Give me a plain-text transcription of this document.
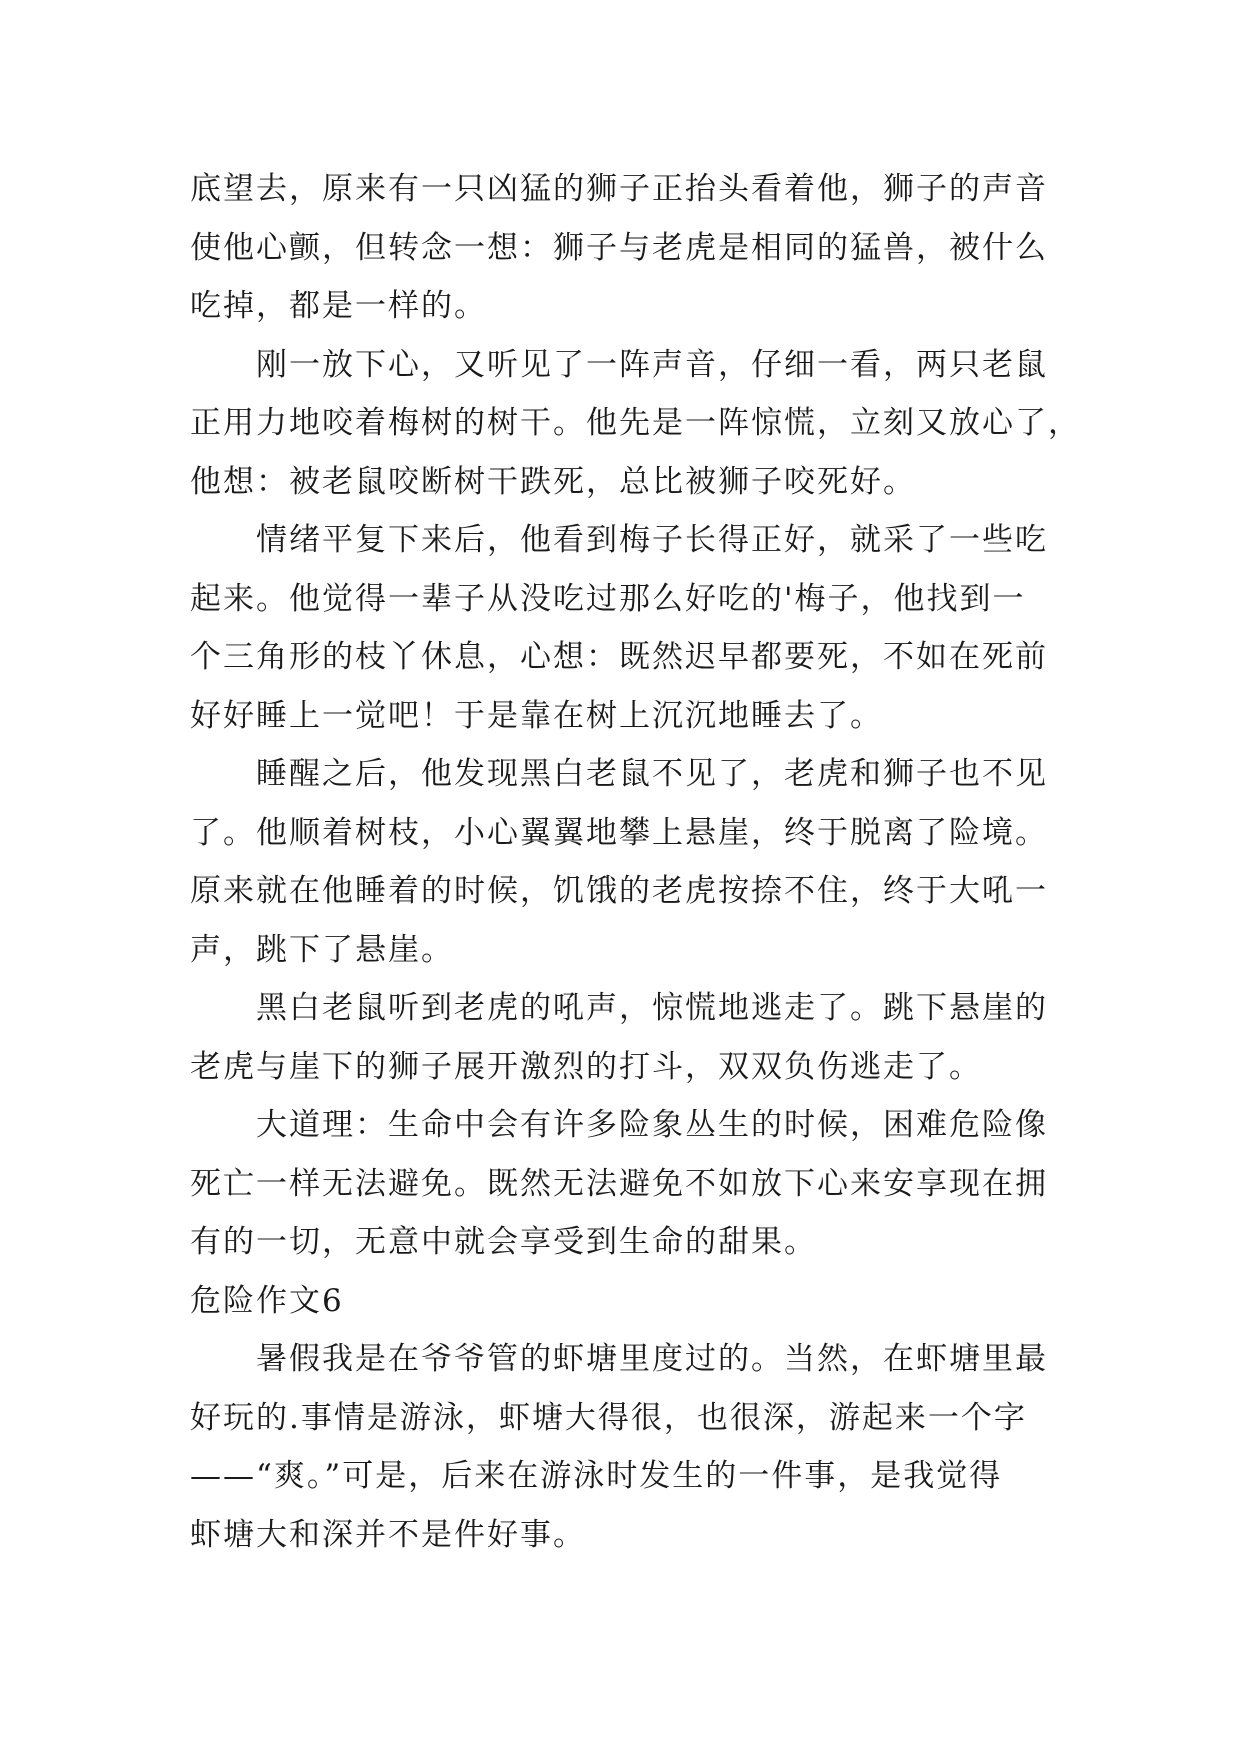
底望去，原来有一只凶猛的狮子正抬头看着他，狮子的声音
使他心颤，但转念一想：狮子与老虎是相同的猛兽，被什么
吃掉，都是一样的。
刚一放下心，又听见了一阵声音，仔细一看，两只老鼠
正用力地咬着梅树的树干。他先是一阵惊慌，立刻又放心了，
他想：被老鼠咬断树干跌死，总比被狮子咬死好。
情绪平复下来后，他看到梅子长得正好，就采了一些吃
起来。他觉得一辈子从没吃过那么好吃的'梅子，他找到一
个三角形的枝丫休息，心想：既然迟早都要死，不如在死前
好好睡上一觉吧！于是靠在树上沉沉地睡去了。
睡醒之后，他发现黑白老鼠不见了，老虎和狮子也不见
了。他顺着树枝，小心翼翼地攀上悬崖，终于脱离了险境。
原来就在他睡着的时候，饥饿的老虎按捺不住，终于大吼一
声，跳下了悬崖。
黑白老鼠听到老虎的吼声，惊慌地逃走了。跳下悬崖的
老虎与崖下的狮子展开激烈的打斗，双双负伤逃走了。
大道理：生命中会有许多险象丛生的时候，困难危险像
死亡一样无法避免。既然无法避免不如放下心来安享现在拥
有的一切，无意中就会享受到生命的甜果。
危险作文6
暑假我是在爷爷管的虾塘里度过的。当然，在虾塘里最
好玩的.事情是游泳，虾塘大得很，也很深，游起来一个字
——“爽。”可是，后来在游泳时发生的一件事，是我觉得
虾塘大和深并不是件好事。
